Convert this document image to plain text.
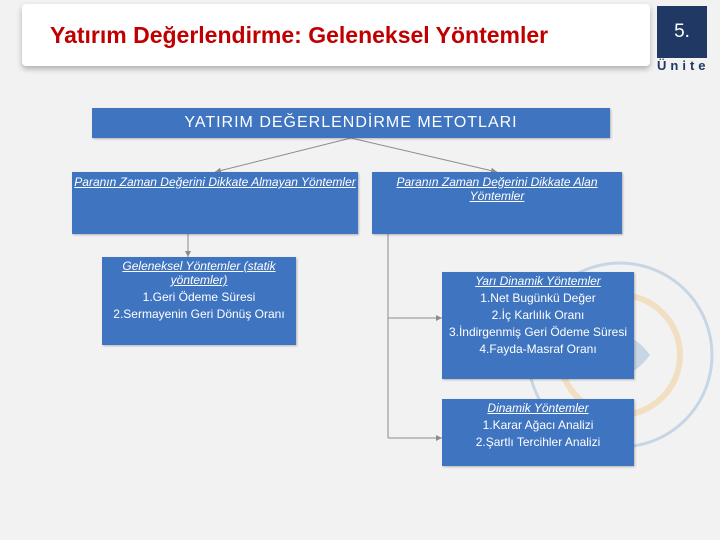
Yatırım Değerlendirme: Geleneksel Yöntemler	5.
Ünite
YATIRIM DEĞERLENDİRME METOTLARI
Paranın Zaman Değerini Dikkate Almayan Yöntemler	Paranın Zaman Değerini Dikkate Alan Yöntemler
Geleneksel Yöntemler (statik yöntemler)
1.Geri Ödeme Süresi
2.Sermayenin Geri Dönüş Oranı
Yarı Dinamik Yöntemler
1.Net Bugünkü Değer
2.İç Karlılık Oranı
3.İndirgenmiş Geri Ödeme Süresi
4.Fayda-Masraf Oranı
Dinamik Yöntemler
1.Karar Ağacı Analizi
2.Şartlı Tercihler Analizi
